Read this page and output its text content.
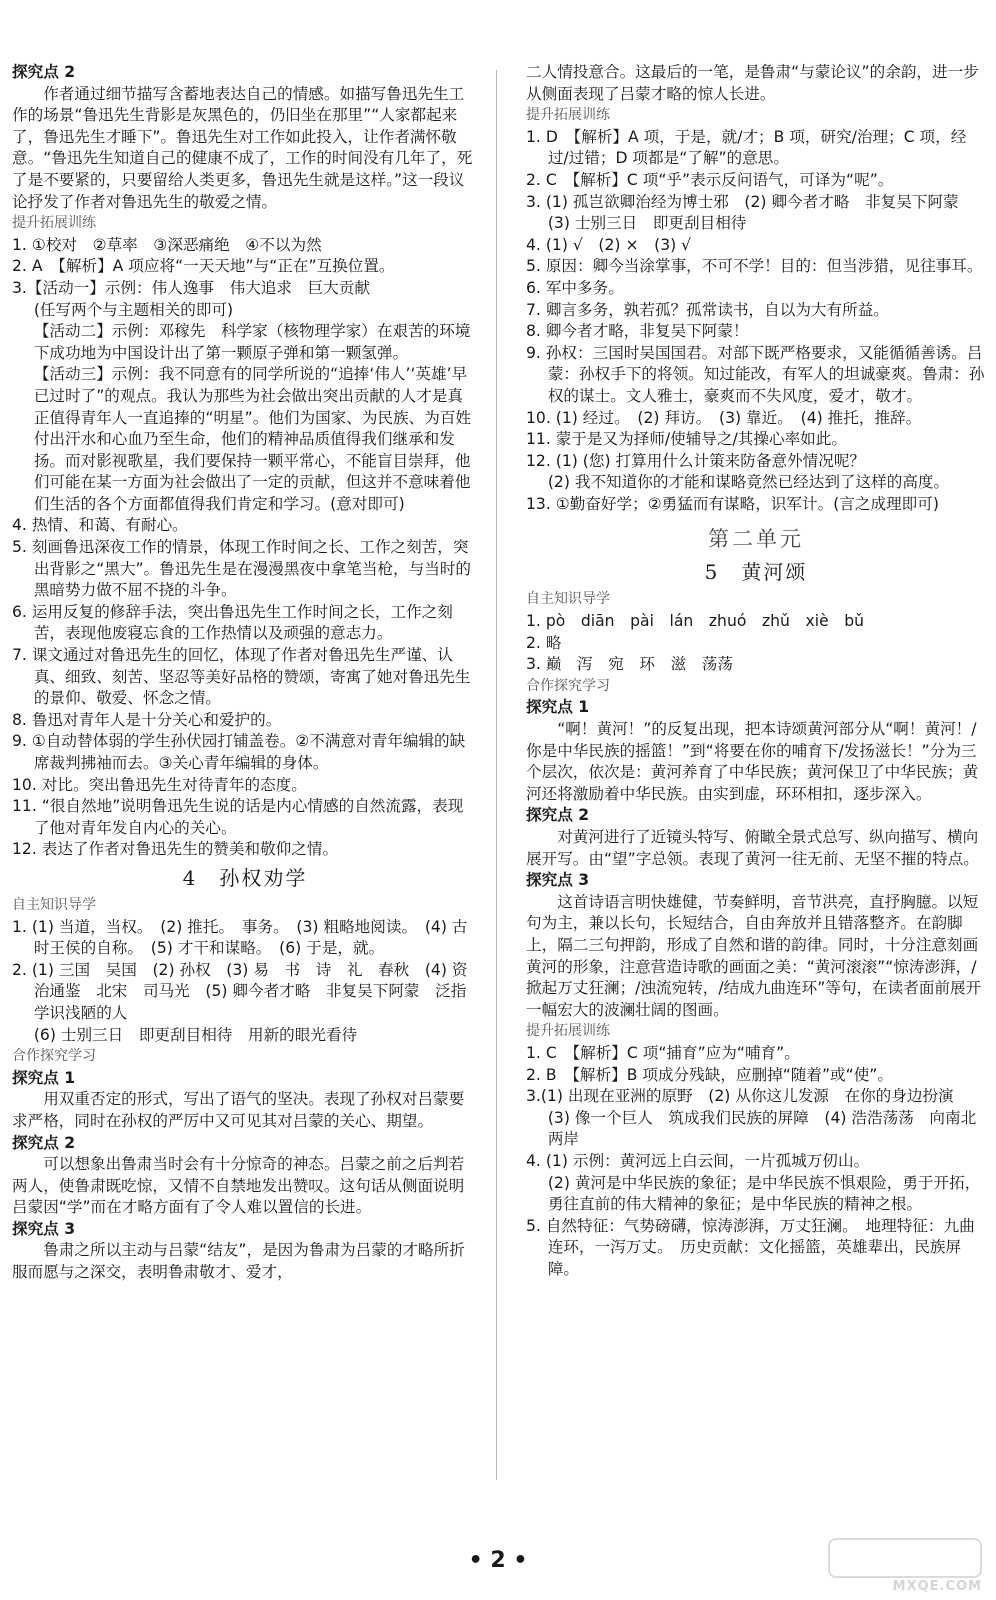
探究点 2

作者通过细节描写含蓄地表达自己的情感。如描写鲁迅先生工作的场景“鲁迅先生背影是灰黑色的，仍旧坐在那里”“人家都起来了，鲁迅先生才睡下”。鲁迅先生对工作如此投入，让作者满怀敬意。“鲁迅先生知道自己的健康不成了，工作的时间没有几年了，死了是不要紧的，只要留给人类更多，鲁迅先生就是这样。”这一段议论抒发了作者对鲁迅先生的敬爱之情。

提升拓展训练

1. ①校对　②草率　③深恶痛绝　④不以为然

2. A　【解析】A 项应将“一天天地”与“正在”互换位置。

3.【活动一】示例：伟人逸事　伟大追求　巨大贡献

(任写两个与主题相关的即可)

【活动二】示例：邓稼先　科学家（核物理学家）在艰苦的环境下成功地为中国设计出了第一颗原子弹和第一颗氢弹。

【活动三】示例：我不同意有的同学所说的“追捧‘伟人’‘英雄’早已过时了”的观点。我认为那些为社会做出突出贡献的人才是真正值得青年人一直追捧的“明星”。他们为国家、为民族、为百姓付出汗水和心血乃至生命，他们的精神品质值得我们继承和发扬。而对影视歌星，我们要保持一颗平常心，不能盲目崇拜，他们可能在某一方面为社会做出了一定的贡献，但这并不意味着他们生活的各个方面都值得我们肯定和学习。(意对即可)

4. 热情、和蔼、有耐心。

5. 刻画鲁迅深夜工作的情景，体现工作时间之长、工作之刻苦，突出背影之“黑大”。鲁迅先生是在漫漫黑夜中拿笔当枪，与当时的黑暗势力做不屈不挠的斗争。

6. 运用反复的修辞手法，突出鲁迅先生工作时间之长，工作之刻苦，表现他废寝忘食的工作热情以及顽强的意志力。

7. 课文通过对鲁迅先生的回忆，体现了作者对鲁迅先生严谨、认真、细致、刻苦、坚忍等美好品格的赞颂，寄寓了她对鲁迅先生的景仰、敬爱、怀念之情。

8. 鲁迅对青年人是十分关心和爱护的。

9. ①自动替体弱的学生孙伏园打铺盖卷。②不满意对青年编辑的缺席裁判拂袖而去。③关心青年编辑的身体。

10. 对比。突出鲁迅先生对待青年的态度。

11. “很自然地”说明鲁迅先生说的话是内心情感的自然流露，表现了他对青年发自内心的关心。

12. 表达了作者对鲁迅先生的赞美和敬仰之情。

4　孙权劝学

自主知识导学

1. (1) 当道，当权。　(2) 推托。　事务。　(3) 粗略地阅读。　(4) 古时王侯的自称。　(5) 才干和谋略。　(6) 于是，就。

2. (1) 三国　吴国　(2) 孙权　(3) 易　书　诗　礼　春秋　(4) 资治通鉴　北宋　司马光　(5) 卿今者才略　非复吴下阿蒙　泛指学识浅陋的人

(6) 士别三日　即更刮目相待　用新的眼光看待

合作探究学习

探究点 1

用双重否定的形式，写出了语气的坚决。表现了孙权对吕蒙要求严格，同时在孙权的严厉中又可见其对吕蒙的关心、期望。

探究点 2

可以想象出鲁肃当时会有十分惊奇的神态。吕蒙之前之后判若两人，使鲁肃既吃惊，又情不自禁地发出赞叹。这句话从侧面说明吕蒙因“学”而在才略方面有了令人难以置信的长进。

探究点 3

鲁肃之所以主动与吕蒙“结友”，是因为鲁肃为吕蒙的才略所折服而愿与之深交，表明鲁肃敬才、爱才，

二人情投意合。这最后的一笔，是鲁肃“与蒙论议”的余韵，进一步从侧面表现了吕蒙才略的惊人长进。

提升拓展训练

1. D　【解析】A 项，于是，就/才；B 项，研究/治理；C 项，经过/过错；D 项都是“了解”的意思。

2. C　【解析】C 项“乎”表示反问语气，可译为“呢”。

3. (1) 孤岂欲卿治经为博士邪　(2) 卿今者才略　非复吴下阿蒙　(3) 士别三日　即更刮目相待

4. (1) √　(2) ×　(3) √

5. 原因：卿今当涂掌事，不可不学！目的：但当涉猎，见往事耳。

6. 军中多务。

7. 卿言多务，孰若孤？孤常读书，自以为大有所益。

8. 卿今者才略，非复吴下阿蒙！

9. 孙权：三国时吴国国君。对部下既严格要求，又能循循善诱。吕蒙：孙权手下的将领。知过能改，有军人的坦诚豪爽。鲁肃：孙权的谋士。文人雅士，豪爽而不失风度，爱才，敬才。

10. (1) 经过。　(2) 拜访。　(3) 靠近。　(4) 推托，推辞。

11. 蒙于是又为择师/使辅导之/其操心率如此。

12. (1) (您) 打算用什么计策来防备意外情况呢？

(2) 我不知道你的才能和谋略竟然已经达到了这样的高度。

13. ①勤奋好学；②勇猛而有谋略，识军计。(言之成理即可)

第二单元

5　黄河颂

自主知识导学

1. pò　diān　pài　lán　zhuó　zhǔ　xiè　bǔ

2. 略

3. 巅　泻　宛　环　滋　荡荡

合作探究学习

探究点 1

“啊！黄河！”的反复出现，把本诗颂黄河部分从“啊！黄河！/你是中华民族的摇篮！”到“将要在你的哺育下/发扬滋长！”分为三个层次，依次是：黄河养育了中华民族；黄河保卫了中华民族；黄河还将激励着中华民族。由实到虚，环环相扣，逐步深入。

探究点 2

对黄河进行了近镜头特写、俯瞰全景式总写、纵向描写、横向展开写。由“望”字总领。表现了黄河一往无前、无坚不摧的特点。

探究点 3

这首诗语言明快雄健，节奏鲜明，音节洪亮，直抒胸臆。以短句为主，兼以长句，长短结合，自由奔放并且错落整齐。在韵脚上，隔二三句押韵，形成了自然和谐的韵律。同时，十分注意刻画黄河的形象，注意营造诗歌的画面之美：“黄河滚滚”“惊涛澎湃，/掀起万丈狂澜；/浊流宛转，/结成九曲连环”等句，在读者面前展开一幅宏大的波澜壮阔的图画。

提升拓展训练

1. C　【解析】C 项“捕育”应为“哺育”。

2. B　【解析】B 项成分残缺，应删掉“随着”或“使”。

3.(1) 出现在亚洲的原野　(2) 从你这儿发源　在你的身边扮演　(3) 像一个巨人　筑成我们民族的屏障　(4) 浩浩荡荡　向南北两岸

4. (1) 示例：黄河远上白云间，一片孤城万仞山。

(2) 黄河是中华民族的象征；是中华民族不惧艰险，勇于开拓，勇往直前的伟大精神的象征；是中华民族的精神之根。

5. 自然特征：气势磅礴，惊涛澎湃，万丈狂澜。　地理特征：九曲连环，一泻万丈。　历史贡献：文化摇篮，英雄辈出，民族屏障。

• 2 •
MXQE.COM
